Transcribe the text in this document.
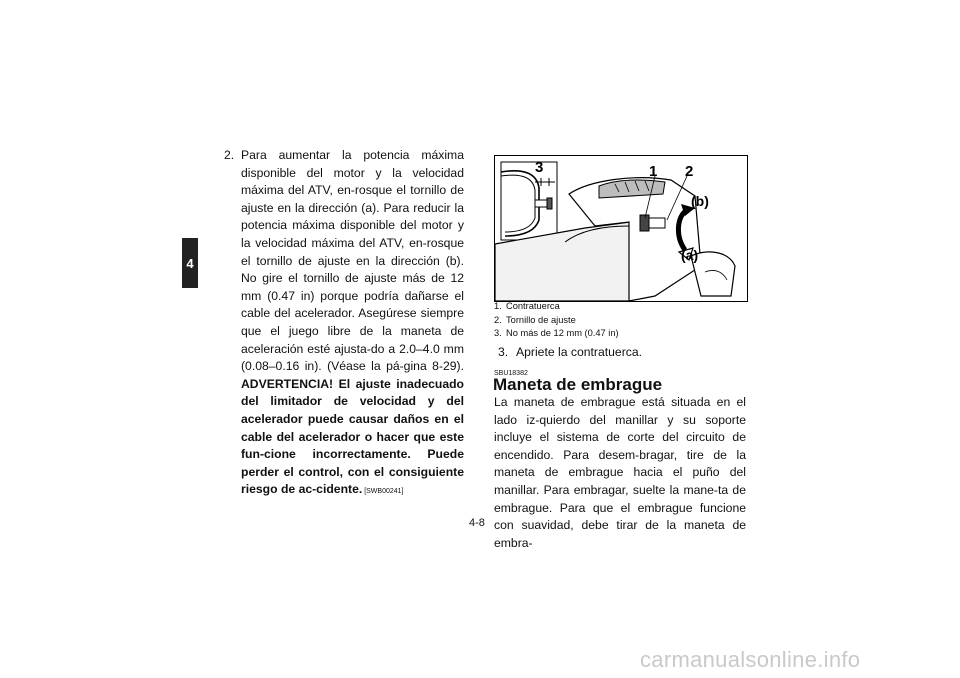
4
2. Para aumentar la potencia máxima disponible del motor y la velocidad máxima del ATV, en-rosque el tornillo de ajuste en la dirección (a). Para reducir la potencia máxima disponible del motor y la velocidad máxima del ATV, en-rosque el tornillo de ajuste en la dirección (b). No gire el tornillo de ajuste más de 12 mm (0.47 in) porque podría dañarse el cable del acelerador. Asegúrese siempre que el juego libre de la maneta de aceleración esté ajusta-do a 2.0–4.0 mm (0.08–0.16 in). (Véase la pá-gina 8-29). ADVERTENCIA! El ajuste inadecuado del limitador de velocidad y del acelerador puede causar daños en el cable del acelerador o hacer que este fun-cione incorrectamente. Puede perder el control, con el consiguiente riesgo de ac-cidente. [SWB00241]
3	1 2
(b)
(a)
1. Contratuerca
2. Tornillo de ajuste
3. No más de 12 mm (0.47 in)
3. Apriete la contratuerca.
SBU18382
Maneta de embrague
La maneta de embrague está situada en el lado iz-quierdo del manillar y su soporte incluye el sistema de corte del circuito de encendido. Para desem-bragar, tire de la maneta de embrague hacia el puño del manillar. Para embragar, suelte la mane-ta de embrague. Para que el embrague funcione con suavidad, debe tirar de la maneta de embra-
4-8
carmanualsonline.info
